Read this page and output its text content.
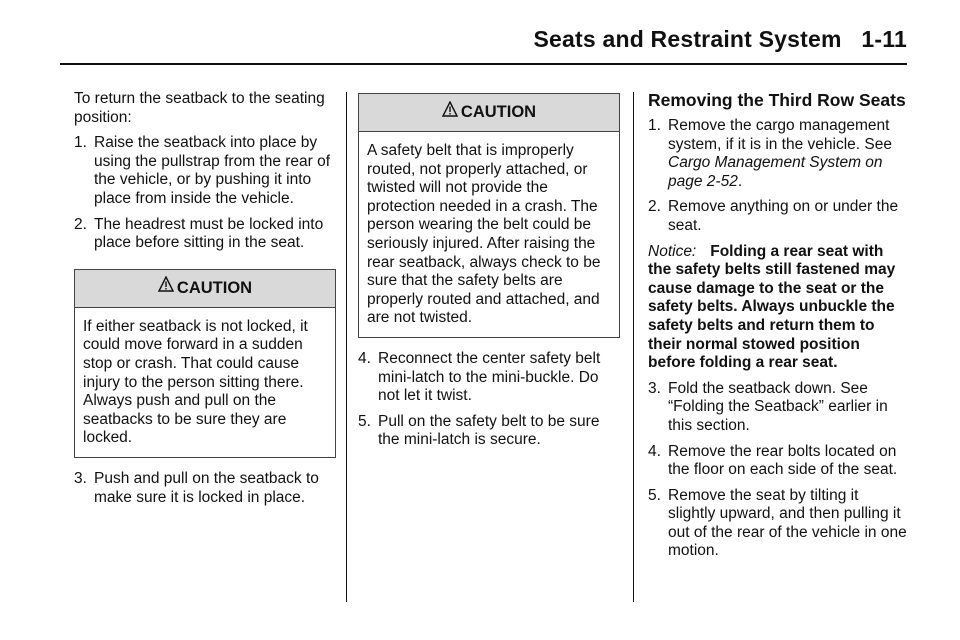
Seats and Restraint System 1-11

To return the seatback to the seating position:

1. Raise the seatback into place by using the pullstrap from the rear of the vehicle, or by pushing it into place from inside the vehicle.
2. The headrest must be locked into place before sitting in the seat.
CAUTION
If either seatback is not locked, it could move forward in a sudden stop or crash. That could cause injury to the person sitting there. Always push and pull on the seatbacks to be sure they are locked.
3. Push and pull on the seatback to make sure it is locked in place.
CAUTION
A safety belt that is improperly routed, not properly attached, or twisted will not provide the protection needed in a crash. The person wearing the belt could be seriously injured. After raising the rear seatback, always check to be sure that the safety belts are properly routed and attached, and are not twisted.
4. Reconnect the center safety belt mini-latch to the mini-buckle. Do not let it twist.
5. Pull on the safety belt to be sure the mini-latch is secure.
Removing the Third Row Seats
1. Remove the cargo management system, if it is in the vehicle. See Cargo Management System on page 2-52.
2. Remove anything on or under the seat.

Notice: Folding a rear seat with the safety belts still fastened may cause damage to the seat or the safety belts. Always unbuckle the safety belts and return them to their normal stowed position before folding a rear seat.

3. Fold the seatback down. See “Folding the Seatback” earlier in this section.
4. Remove the rear bolts located on the floor on each side of the seat.
5. Remove the seat by tilting it slightly upward, and then pulling it out of the rear of the vehicle in one motion.
